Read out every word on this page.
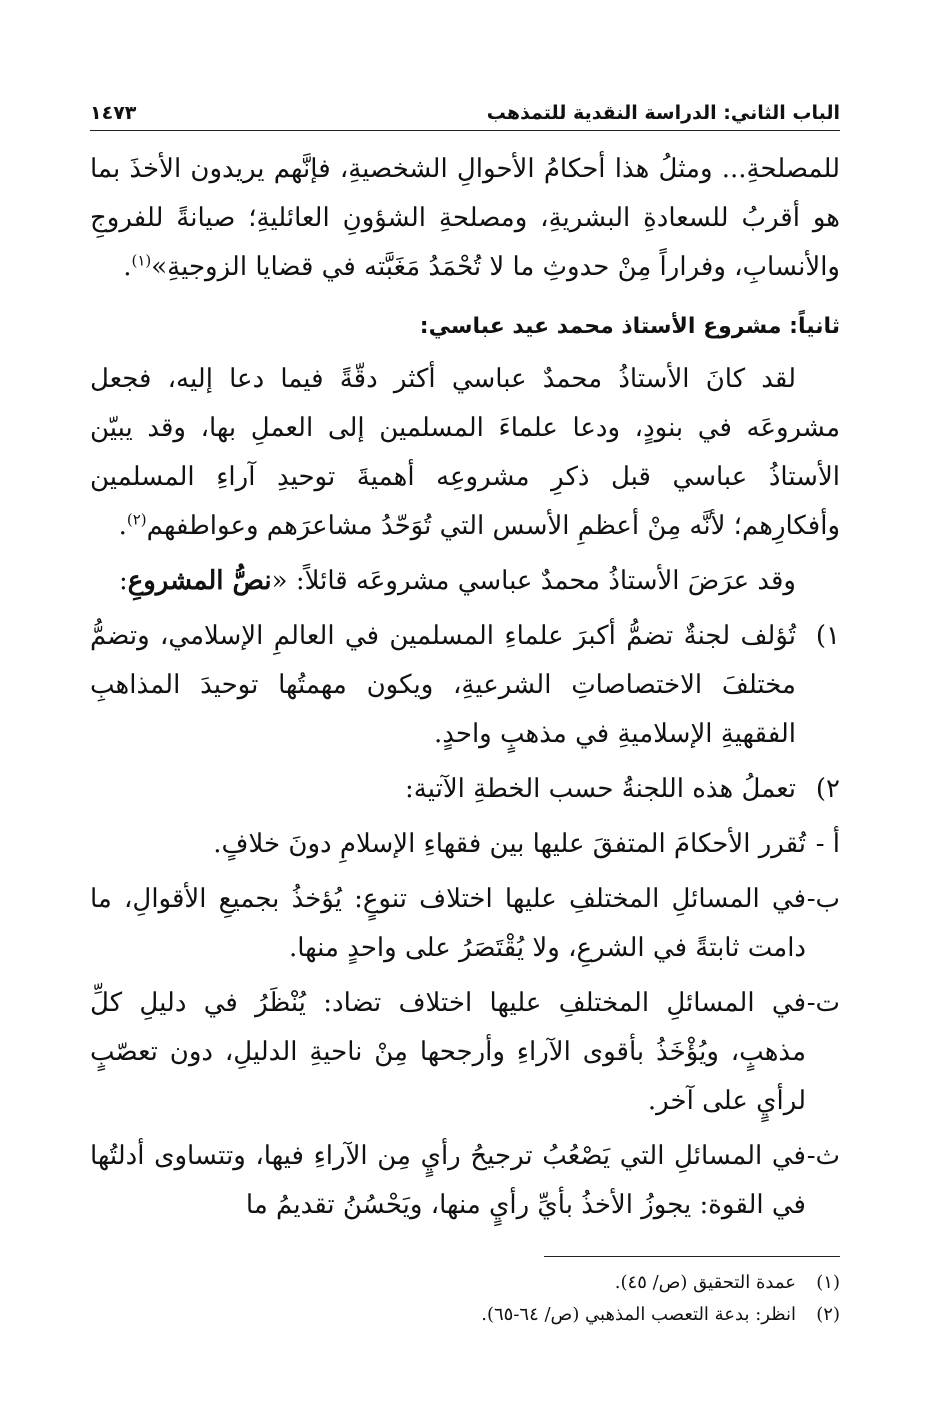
الباب الثاني: الدراسة النقدية للتمذهب
١٤٧٣

للمصلحةِ... ومثلُ هذا أحكامُ الأحوالِ الشخصيةِ، فإنَّهم يريدون الأخذَ بما هو أقربُ للسعادةِ البشريةِ، ومصلحةِ الشؤونِ العائليةِ؛ صيانةً للفروجِ والأنسابِ، وفراراً مِنْ حدوثِ ما لا تُحْمَدُ مَغَبَّته في قضايا الزوجيةِ»$^{(١)}$.

ثانياً: مشروع الأستاذ محمد عيد عباسي:

لقد كانَ الأستاذُ محمدٌ عباسي أكثر دقّةً فيما دعا إليه، فجعل مشروعَه في بنودٍ، ودعا علماءَ المسلمين إلى العملِ بها، وقد يبيّن الأستاذُ عباسي قبل ذكرِ مشروعِه أهميةَ توحيدِ آراءِ المسلمين وأفكارِهم؛ لأنَّه مِنْ أعظمِ الأسس التي تُوَحّدُ مشاعرَهم وعواطفهم$^{(٢)}$.

وقد عرَضَ الأستاذُ محمدٌ عباسي مشروعَه قائلاً: «نصُّ المشروعِ:

١)
تُؤلف لجنةٌ تضمُّ أكبرَ علماءِ المسلمين في العالمِ الإسلامي، وتضمُّ مختلفَ الاختصاصاتِ الشرعيةِ، ويكون مهمتُها توحيدَ المذاهبِ الفقهيةِ الإسلاميةِ في مذهبٍ واحدٍ.
٢)
تعملُ هذه اللجنةُ حسب الخطةِ الآتية:
أ -
تُقرر الأحكامَ المتفقَ عليها بين فقهاءِ الإسلامِ دونَ خلافٍ.
ب-
في المسائلِ المختلفِ عليها اختلاف تنوعٍ: يُؤخذُ بجميعِ الأقوالِ، ما دامت ثابتةً في الشرعِ، ولا يُقْتَصَرُ على واحدٍ منها.
ت-
في المسائلِ المختلفِ عليها اختلاف تضاد: يُنْظَرُ في دليلِ كلِّ مذهبٍ، ويُؤْخَذُ بأقوى الآراءِ وأرجحها مِنْ ناحيةِ الدليلِ، دون تعصّبٍ لرأيٍ على آخر.
ث-
في المسائلِ التي يَصْعُبُ ترجيحُ رأيٍ مِن الآراءِ فيها، وتتساوى أدلتُها في القوة: يجوزُ الأخذُ بأيِّ رأيٍ منها، ويَحْسُنُ تقديمُ ما
(١)
عمدة التحقيق (ص/ ٤٥).
(٢)
انظر: بدعة التعصب المذهبي (ص/ ٦٤-٦٥).
